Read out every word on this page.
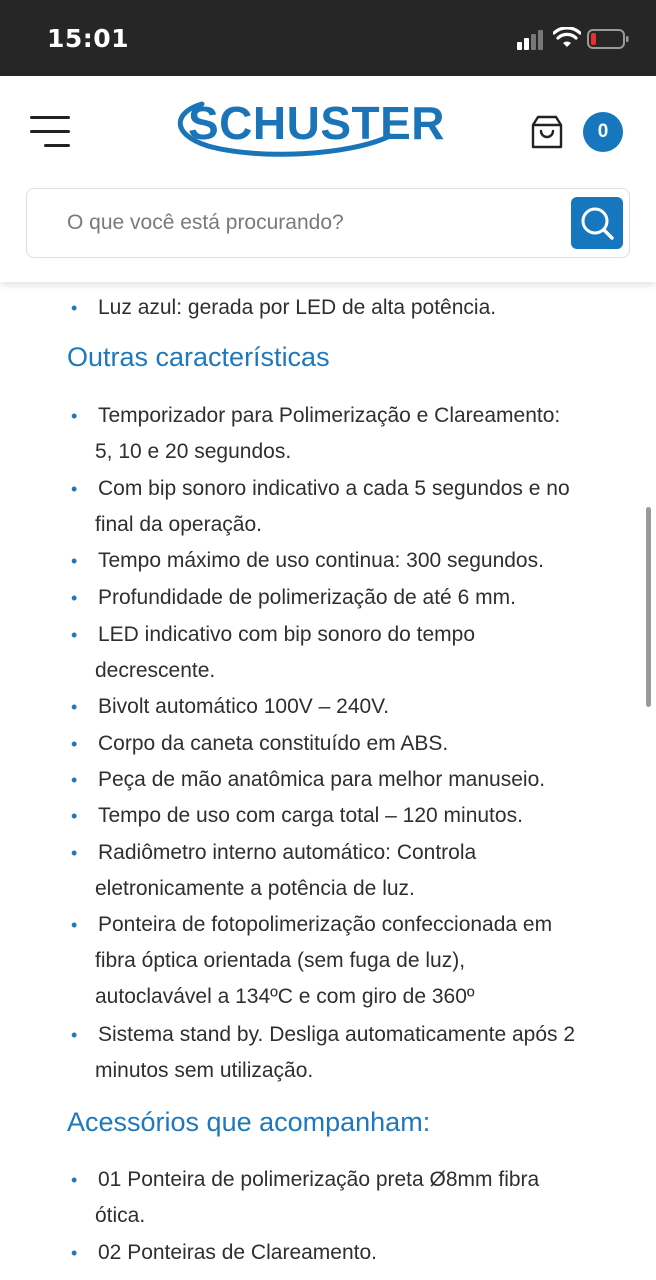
15:01
SCHUSTER	0
O que você está procurando?
• Luz azul: gerada por LED de alta potência.
Outras características
• Temporizador para Polimerização e Clareamento:
5, 10 e 20 segundos.
• Com bip sonoro indicativo a cada 5 segundos e no
final da operação.
• Tempo máximo de uso continua: 300 segundos.
• Profundidade de polimerização de até 6 mm.
• LED indicativo com bip sonoro do tempo
decrescente.
• Bivolt automático 100V – 240V.
• Corpo da caneta constituído em ABS.
• Peça de mão anatômica para melhor manuseio.
• Tempo de uso com carga total – 120 minutos.
• Radiômetro interno automático: Controla
eletronicamente a potência de luz.
• Ponteira de fotopolimerização confeccionada em
fibra óptica orientada (sem fuga de luz),
autoclavável a 134ºC e com giro de 360º
• Sistema stand by. Desliga automaticamente após 2
minutos sem utilização.
Acessórios que acompanham:
• 01 Ponteira de polimerização preta Ø8mm fibra
ótica.
• 02 Ponteiras de Clareamento.
